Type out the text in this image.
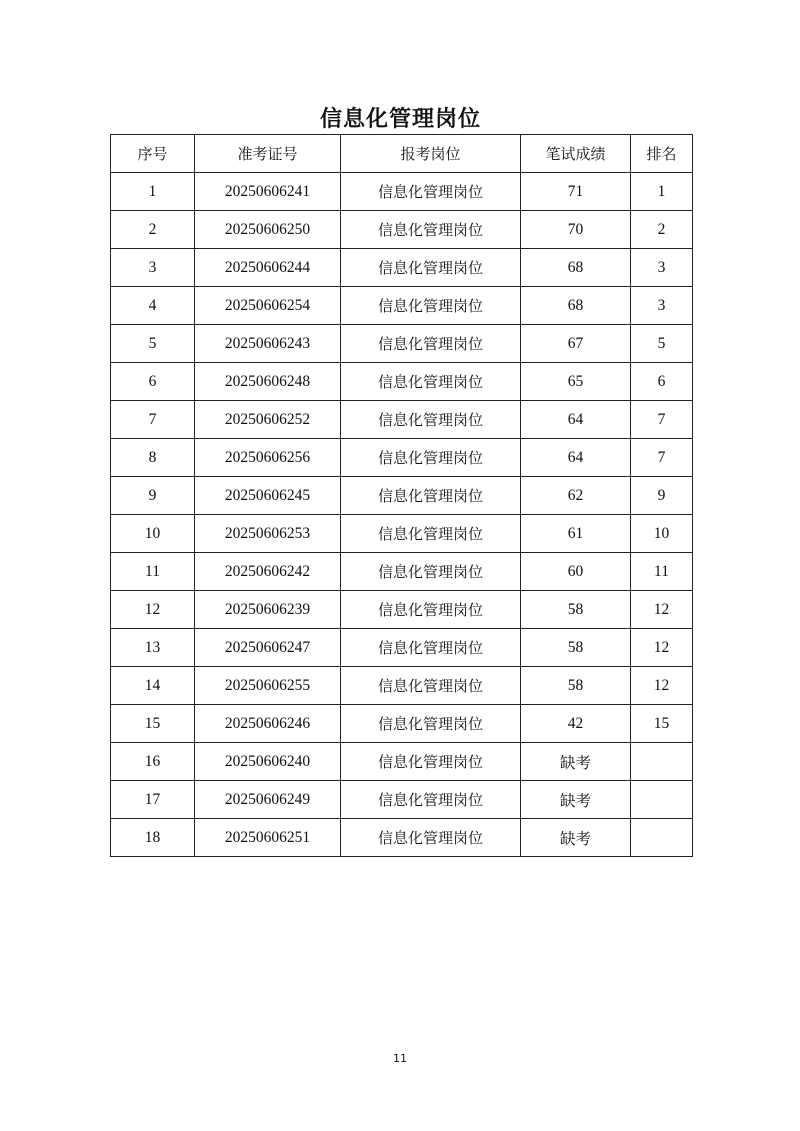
信息化管理岗位
序号	准考证号	报考岗位	笔试成绩	排名
1	20250606241	信息化管理岗位	71	1
2	20250606250	信息化管理岗位	70	2
3	20250606244	信息化管理岗位	68	3
4	20250606254	信息化管理岗位	68	3
5	20250606243	信息化管理岗位	67	5
6	20250606248	信息化管理岗位	65	6
7	20250606252	信息化管理岗位	64	7
8	20250606256	信息化管理岗位	64	7
9	20250606245	信息化管理岗位	62	9
10	20250606253	信息化管理岗位	61	10
11	20250606242	信息化管理岗位	60	11
12	20250606239	信息化管理岗位	58	12
13	20250606247	信息化管理岗位	58	12
14	20250606255	信息化管理岗位	58	12
15	20250606246	信息化管理岗位	42	15
16	20250606240	信息化管理岗位	缺考	
17	20250606249	信息化管理岗位	缺考	
18	20250606251	信息化管理岗位	缺考	
11
